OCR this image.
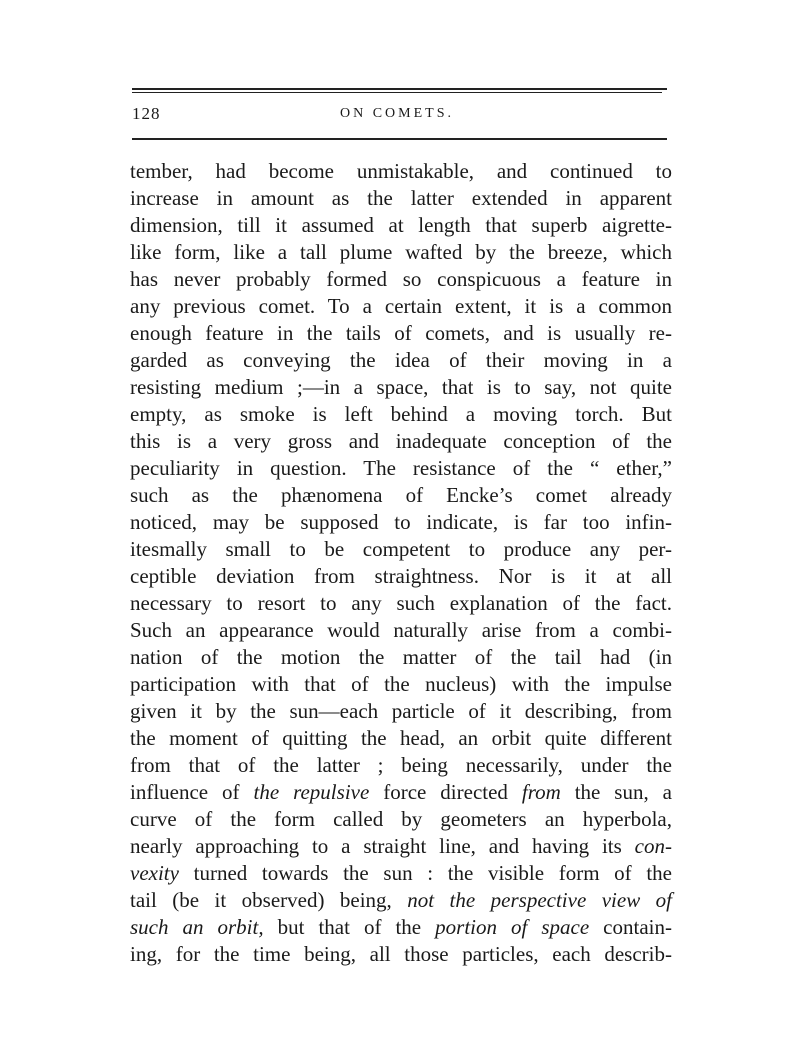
128	ON COMETS.
tember, had become unmistakable, and continued to
increase in amount as the latter extended in apparent
dimension, till it assumed at length that superb aigrette-
like form, like a tall plume wafted by the breeze, which
has never probably formed so conspicuous a feature in
any previous comet. To a certain extent, it is a common
enough feature in the tails of comets, and is usually re-
garded as conveying the idea of their moving in a
resisting medium ;—in a space, that is to say, not quite
empty, as smoke is left behind a moving torch. But
this is a very gross and inadequate conception of the
peculiarity in question. The resistance of the “ ether,”
such as the phænomena of Encke’s comet already
noticed, may be supposed to indicate, is far too infin-
itesmally small to be competent to produce any per-
ceptible deviation from straightness. Nor is it at all
necessary to resort to any such explanation of the fact.
Such an appearance would naturally arise from a combi-
nation of the motion the matter of the tail had (in
participation with that of the nucleus) with the impulse
given it by the sun—each particle of it describing, from
the moment of quitting the head, an orbit quite different
from that of the latter ; being necessarily, under the
influence of the repulsive force directed from the sun, a
curve of the form called by geometers an hyperbola,
nearly approaching to a straight line, and having its con-
vexity turned towards the sun : the visible form of the
tail (be it observed) being, not the perspective view of
such an orbit, but that of the portion of space contain-
ing, for the time being, all those particles, each describ-
